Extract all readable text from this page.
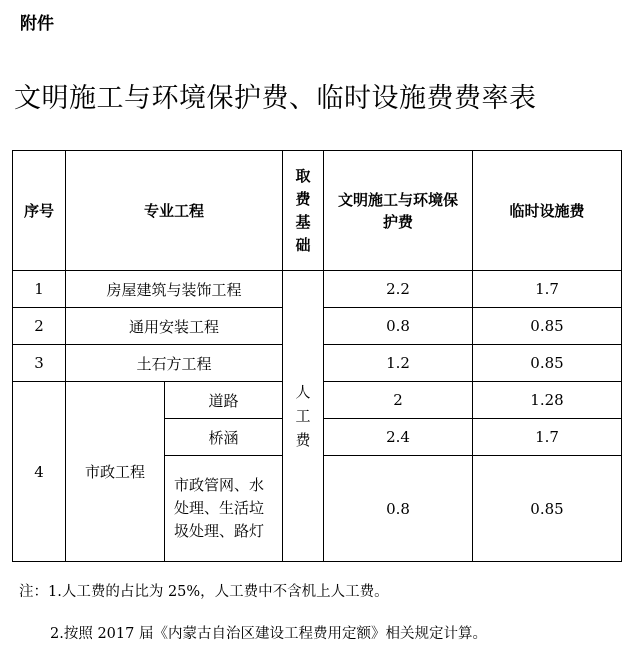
附件
文明施工与环境保护费、临时设施费费率表
序号	专业工程		取费基础	文明施工与环境保护费	临时设施费
1	房屋建筑与装饰工程		人工费	2.2	1.7
2	通用安装工程			0.8	0.85
3	土石方工程			1.2	0.85
4	市政工程	道路		2	1.28
		桥涵		2.4	1.7
		市政管网、水处理、生活垃圾处理、路灯		0.8	0.85
注：1.人工费的占比为 25%，人工费中不含机上人工费。
2.按照 2017 届《内蒙古自治区建设工程费用定额》相关规定计算。
